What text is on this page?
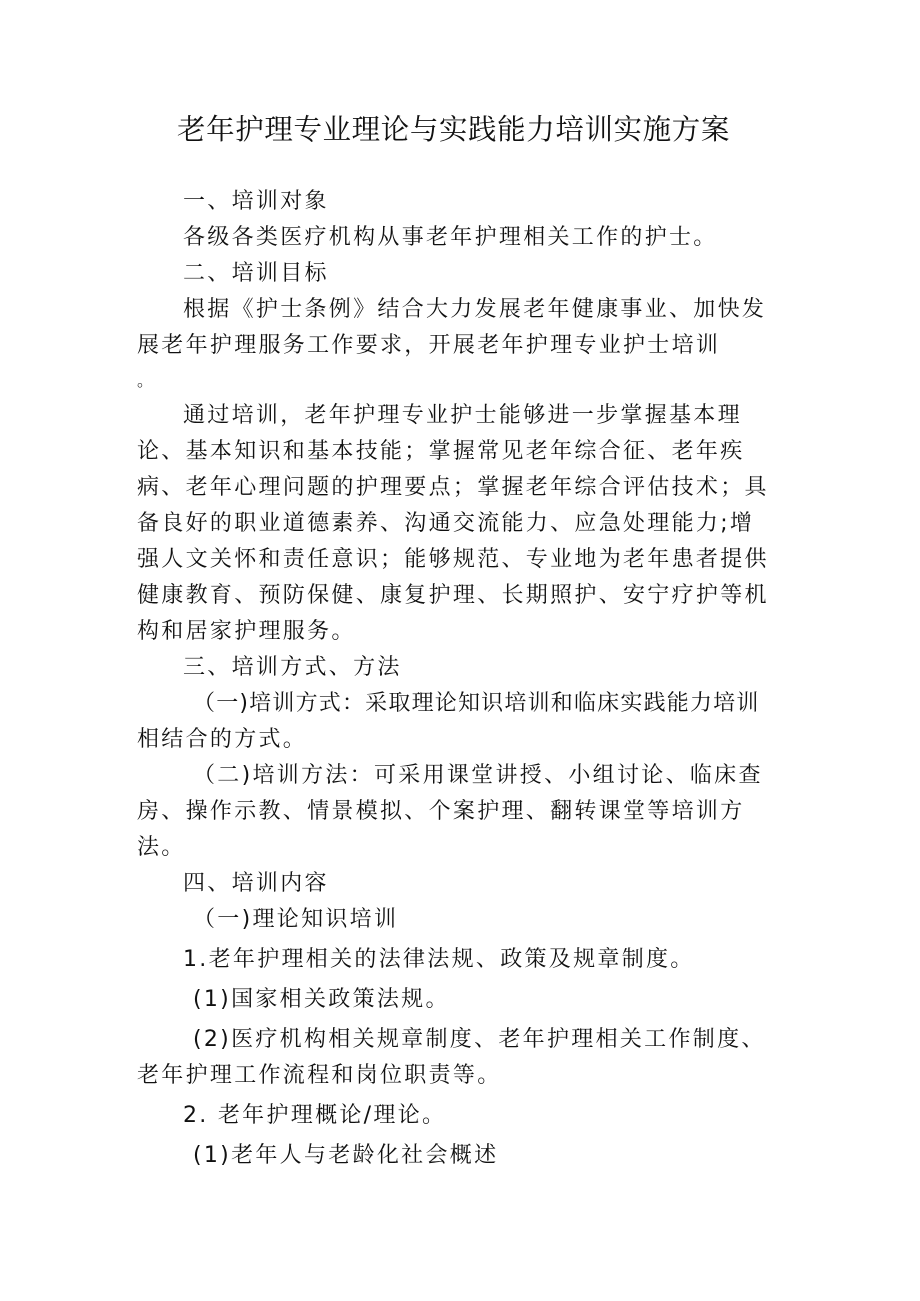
老年护理专业理论与实践能力培训实施方案
一、培训对象
各级各类医疗机构从事老年护理相关工作的护士。
二、培训目标
根据《护士条例》结合大力发展老年健康事业、加快发
展老年护理服务工作要求，开展老年护理专业护士培训
。
通过培训，老年护理专业护士能够进一步掌握基本理
论、基本知识和基本技能；掌握常见老年综合征、老年疾
病、老年心理问题的护理要点；掌握老年综合评估技术；具
备良好的职业道德素养、沟通交流能力、应急处理能力;增
强人文关怀和责任意识；能够规范、专业地为老年患者提供
健康教育、预防保健、康复护理、长期照护、安宁疗护等机
构和居家护理服务。
三、培训方式、方法
（一)培训方式：采取理论知识培训和临床实践能力培训
相结合的方式。
（二)培训方法：可采用课堂讲授、小组讨论、临床查
房、操作示教、情景模拟、个案护理、翻转课堂等培训方
法。
四、培训内容
（一)理论知识培训
1.老年护理相关的法律法规、政策及规章制度。
(1)国家相关政策法规。
(2)医疗机构相关规章制度、老年护理相关工作制度、
老年护理工作流程和岗位职责等。
2. 老年护理概论/理论。
(1)老年人与老龄化社会概述
